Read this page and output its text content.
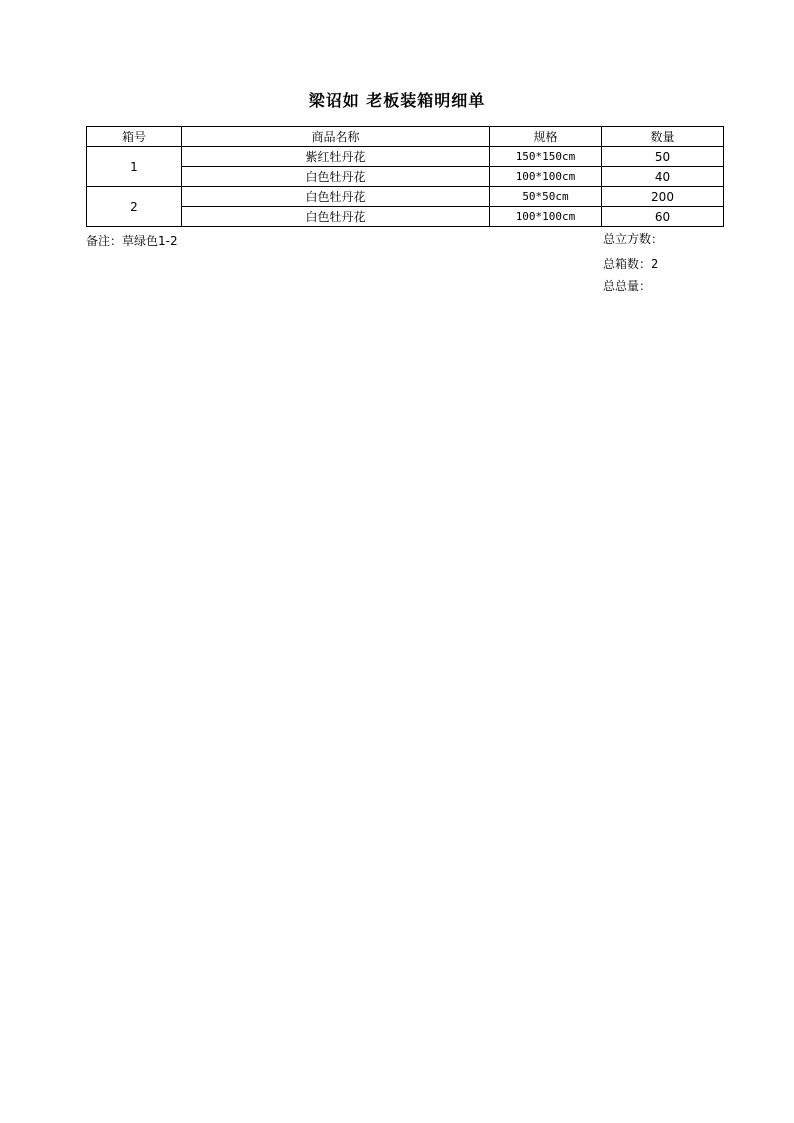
梁诏如 老板装箱明细单
箱号	商品名称	规格	数量
1	紫红牡丹花	150*150cm	50
	白色牡丹花	100*100cm	40
2	白色牡丹花	50*50cm	200
	白色牡丹花	100*100cm	60
备注：草绿色1-2	总立方数：
总箱数：2
总总量：
